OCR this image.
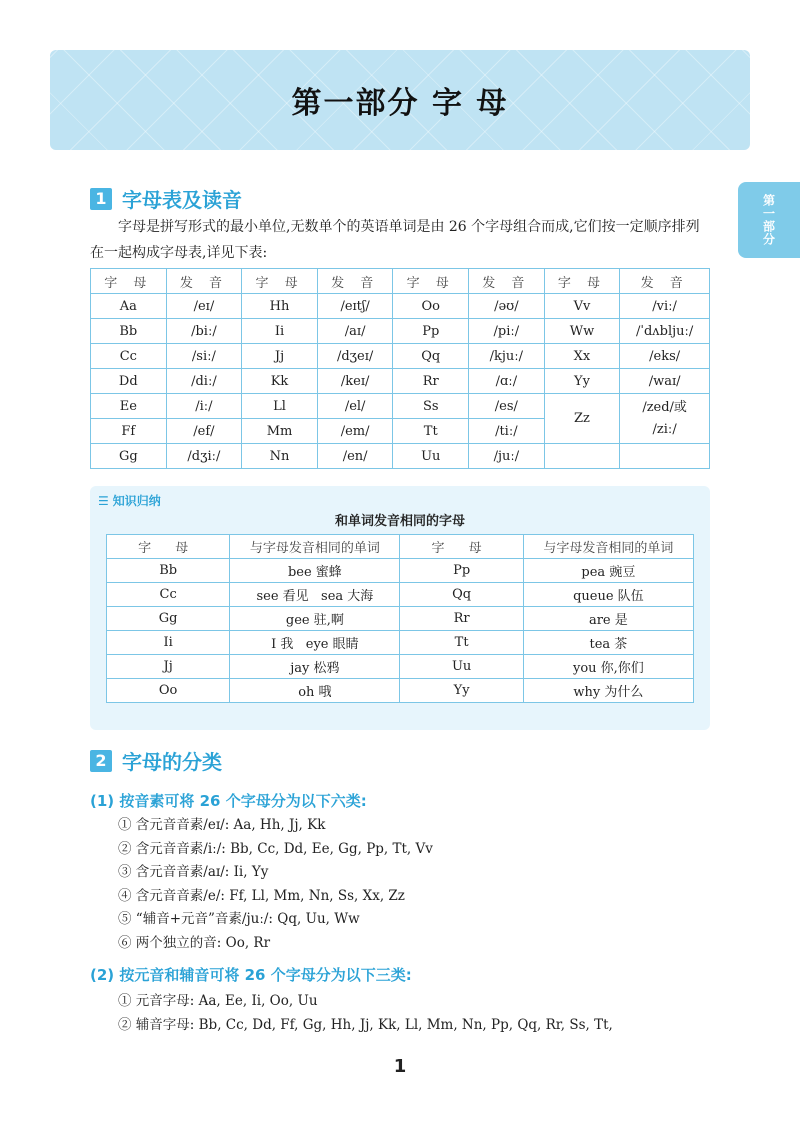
第一部分 字 母
第一部分
1 字母表及读音
字母是拼写形式的最小单位,无数单个的英语单词是由 26 个字母组合而成,它们按一定顺序排列在一起构成字母表,详见下表:
字 母	发 音	字 母	发 音	字 母	发 音	字 母	发 音
Aa	/eɪ/	Hh	/eɪtʃ/	Oo	/əʊ/	Vv	/viː/
Bb	/biː/	Ii	/aɪ/	Pp	/piː/	Ww	/ˈdʌbljuː/
Cc	/siː/	Jj	/dʒeɪ/	Qq	/kjuː/	Xx	/eks/
Dd	/diː/	Kk	/keɪ/	Rr	/ɑː/	Yy	/waɪ/
Ee	/iː/	Ll	/el/	Ss	/es/	Zz	/zed/或
/ziː/

Ff	/ef/	Mm	/em/	Tt	/tiː/		
Gg	/dʒiː/	Nn	/en/	Uu	/juː/		
☰ 知识归纳
和单词发音相同的字母
字 母	与字母发音相同的单词	字 母	与字母发音相同的单词
Bb	bee 蜜蜂	Pp	pea 豌豆
Cc	see 看见   sea 大海	Qq	queue 队伍
Gg	gee 驻,啊	Rr	are 是
Ii	I 我   eye 眼睛	Tt	tea 茶
Jj	jay 松鸦	Uu	you 你,你们
Oo	oh 哦	Yy	why 为什么
2 字母的分类
(1) 按音素可将 26 个字母分为以下六类:
① 含元音音素/eɪ/: Aa, Hh, Jj, Kk
② 含元音音素/iː/: Bb, Cc, Dd, Ee, Gg, Pp, Tt, Vv
③ 含元音音素/aɪ/: Ii, Yy
④ 含元音音素/e/: Ff, Ll, Mm, Nn, Ss, Xx, Zz
⑤ “辅音+元音”音素/juː/: Qq, Uu, Ww
⑥ 两个独立的音: Oo, Rr
(2) 按元音和辅音可将 26 个字母分为以下三类:
① 元音字母: Aa, Ee, Ii, Oo, Uu
② 辅音字母: Bb, Cc, Dd, Ff, Gg, Hh, Jj, Kk, Ll, Mm, Nn, Pp, Qq, Rr, Ss, Tt,
1
